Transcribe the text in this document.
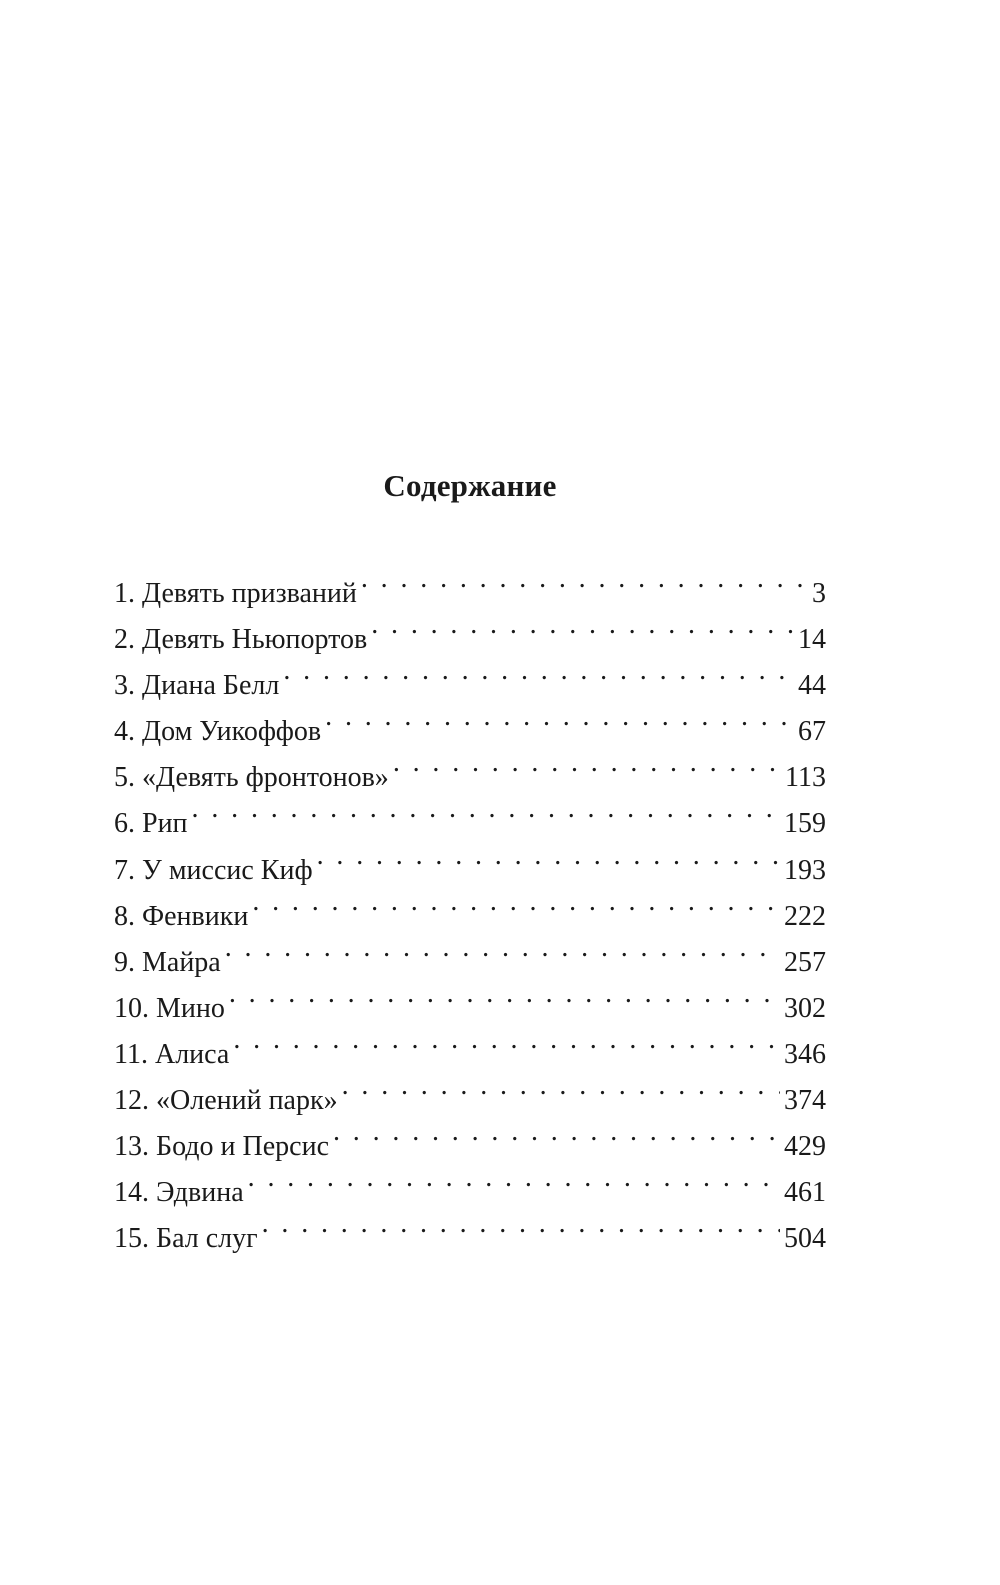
Содержание
1. Девять призваний . . .	3
2. Девять Ньюпортов . . .	14
3. Диана Белл . . .	44
4. Дом Уикоффов . . .	67
5. «Девять фронтонов» . . .	113
6. Рип . . .	159
7. У миссис Киф . . .	193
8. Фенвики . . .	222
9. Майра . . .	257
10. Мино . . .	302
11. Алиса . . .	346
12. «Олений парк» . . .	374
13. Бодо и Персис . . .	429
14. Эдвина . . .	461
15. Бал слуг . . .	504
